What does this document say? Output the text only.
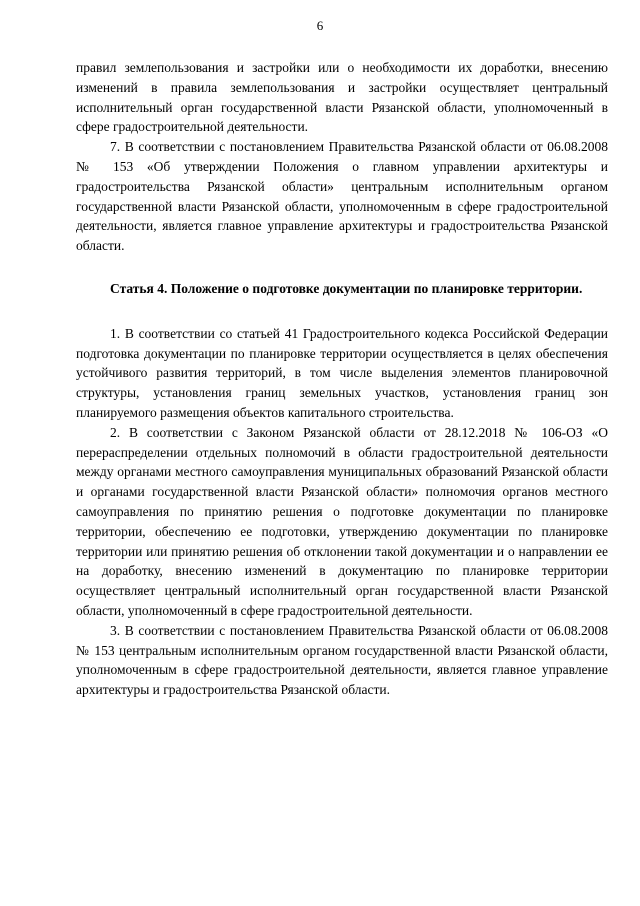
6

правил землепользования и застройки или о необходимости их доработки, внесению изменений в правила землепользования и застройки осуществляет центральный исполнительный орган государственной власти Рязанской области, уполномоченный в сфере градостроительной деятельности.

7. В соответствии с постановлением Правительства Рязанской области от 06.08.2008 № 153 «Об утверждении Положения о главном управлении архитектуры и градостроительства Рязанской области» центральным исполнительным органом государственной власти Рязанской области, уполномоченным в сфере градостроительной деятельности, является главное управление архитектуры и градостроительства Рязанской области.

Статья 4. Положение о подготовке документации по планировке территории.

1. В соответствии со статьей 41 Градостроительного кодекса Российской Федерации подготовка документации по планировке территории осуществляется в целях обеспечения устойчивого развития территорий, в том числе выделения элементов планировочной структуры, установления границ земельных участков, установления границ зон планируемого размещения объектов капитального строительства.

2. В соответствии с Законом Рязанской области от 28.12.2018 № 106-ОЗ «О перераспределении отдельных полномочий в области градостроительной деятельности между органами местного самоуправления муниципальных образований Рязанской области и органами государственной власти Рязанской области» полномочия органов местного самоуправления по принятию решения о подготовке документации по планировке территории, обеспечению ее подготовки, утверждению документации по планировке территории или принятию решения об отклонении такой документации и о направлении ее на доработку, внесению изменений в документацию по планировке территории осуществляет центральный исполнительный орган государственной власти Рязанской области, уполномоченный в сфере градостроительной деятельности.

3. В соответствии с постановлением Правительства Рязанской области от 06.08.2008 № 153 центральным исполнительным органом государственной власти Рязанской области, уполномоченным в сфере градостроительной деятельности, является главное управление архитектуры и градостроительства Рязанской области.
